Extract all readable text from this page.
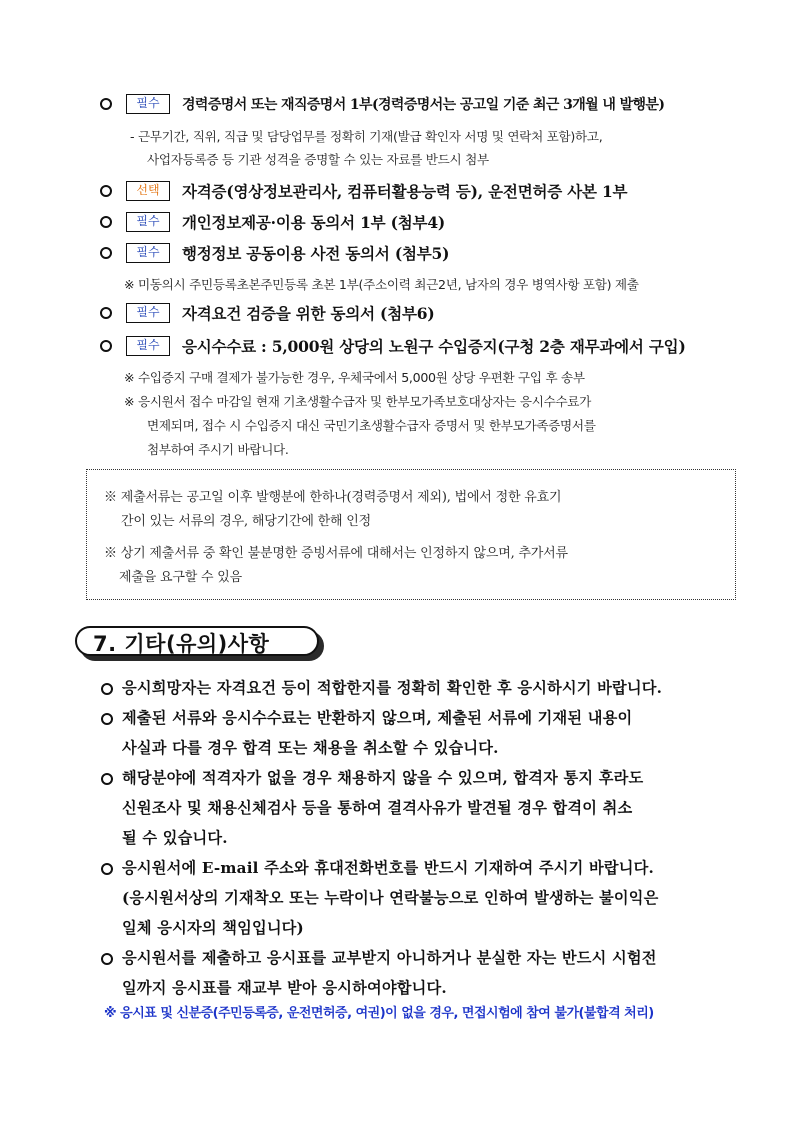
필수	경력증명서 또는 재직증명서 1부(경력증명서는 공고일 기준 최근 3개월 내 발행분)
- 근무기간, 직위, 직급 및 담당업무를 정확히 기재(발급 확인자 서명 및 연락처 포함)하고,
사업자등록증 등 기관 성격을 증명할 수 있는 자료를 반드시 첨부
선택	자격증(영상정보관리사, 컴퓨터활용능력 등), 운전면허증 사본 1부
필수	개인정보제공·이용 동의서 1부 (첨부4)
필수	행정정보 공동이용 사전 동의서 (첨부5)
※ 미동의시 주민등록초본주민등록 초본 1부(주소이력 최근2년, 남자의 경우 병역사항 포함) 제출
필수	자격요건 검증을 위한 동의서 (첨부6)
필수	응시수수료 : 5,000원 상당의 노원구 수입증지(구청 2층 재무과에서 구입)
※ 수입증지 구매 결제가 불가능한 경우, 우체국에서 5,000원 상당 우편환 구입 후 송부
※ 응시원서 접수 마감일 현재 기초생활수급자 및 한부모가족보호대상자는 응시수수료가
면제되며, 접수 시 수입증지 대신 국민기초생활수급자 증명서 및 한부모가족증명서를
첨부하여 주시기 바랍니다.
※ 제출서류는 공고일 이후 발행분에 한하나(경력증명서 제외), 법에서 정한 유효기
간이 있는 서류의 경우, 해당기간에 한해 인정
※ 상기 제출서류 중 확인 불분명한 증빙서류에 대해서는 인정하지 않으며, 추가서류
제출을 요구할 수 있음
7. 기타(유의)사항
응시희망자는 자격요건 등이 적합한지를 정확히 확인한 후 응시하시기 바랍니다.
제출된 서류와 응시수수료는 반환하지 않으며, 제출된 서류에 기재된 내용이
사실과 다를 경우 합격 또는 채용을 취소할 수 있습니다.
해당분야에 적격자가 없을 경우 채용하지 않을 수 있으며, 합격자 통지 후라도
신원조사 및 채용신체검사 등을 통하여 결격사유가 발견될 경우 합격이 취소
될 수 있습니다.
응시원서에 E-mail 주소와 휴대전화번호를 반드시 기재하여 주시기 바랍니다.
(응시원서상의 기재착오 또는 누락이나 연락불능으로 인하여 발생하는 불이익은
일체 응시자의 책임입니다)
응시원서를 제출하고 응시표를 교부받지 아니하거나 분실한 자는 반드시 시험전
일까지 응시표를 재교부 받아 응시하여야합니다.
※ 응시표 및 신분증(주민등록증, 운전면허증, 여권)이 없을 경우, 면접시험에 참여 불가(불합격 처리)
